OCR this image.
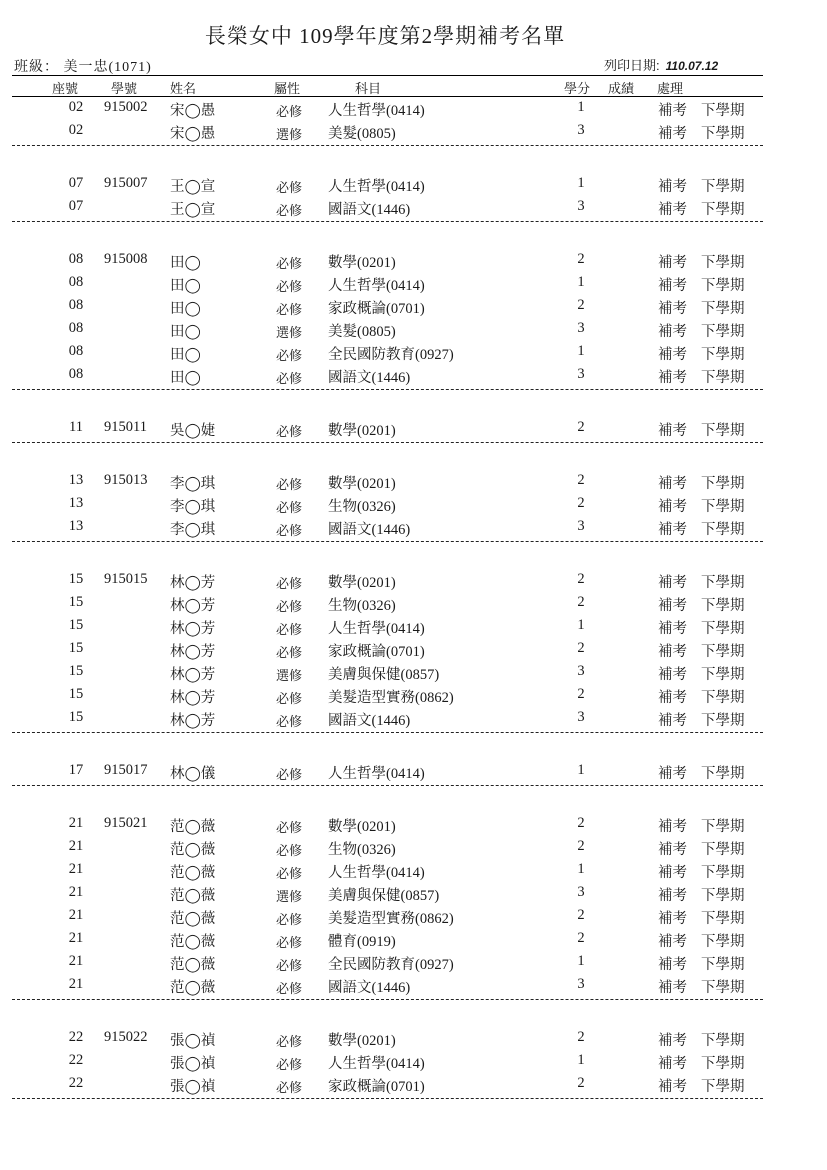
長榮女中 109學年度第2學期補考名單
班級： 美一忠(1071)	列印日期: 110.07.12
座號	學號	姓名	屬性	科目	學分 成績 處理
02	915002 宋◯愚	必修 人生哲學(0414)	1	補考 下學期
02	宋◯愚	選修 美髮(0805)	3	補考 下學期
07	915007 王◯宣	必修 人生哲學(0414)	1	補考 下學期
07	王◯宣	必修 國語文(1446)	3	補考 下學期
08	915008 田◯	必修 數學(0201)	2	補考 下學期
08	田◯	必修 人生哲學(0414)	1	補考 下學期
08	田◯	必修 家政概論(0701)	2	補考 下學期
08	田◯	選修 美髮(0805)	3	補考 下學期
08	田◯	必修 全民國防教育(0927)	1	補考 下學期
08	田◯	必修 國語文(1446)	3	補考 下學期
11	915011 吳◯婕	必修 數學(0201)	2	補考 下學期
13	915013 李◯琪	必修 數學(0201)	2	補考 下學期
13	李◯琪	必修 生物(0326)	2	補考 下學期
13	李◯琪	必修 國語文(1446)	3	補考 下學期
15	915015 林◯芳	必修 數學(0201)	2	補考 下學期
15	林◯芳	必修 生物(0326)	2	補考 下學期
15	林◯芳	必修 人生哲學(0414)	1	補考 下學期
15	林◯芳	必修 家政概論(0701)	2	補考 下學期
15	林◯芳	選修 美膚與保健(0857)	3	補考 下學期
15	林◯芳	必修 美髮造型實務(0862)	2	補考 下學期
15	林◯芳	必修 國語文(1446)	3	補考 下學期
17	915017 林◯儀	必修 人生哲學(0414)	1	補考 下學期
21	915021 范◯薇	必修 數學(0201)	2	補考 下學期
21	范◯薇	必修 生物(0326)	2	補考 下學期
21	范◯薇	必修 人生哲學(0414)	1	補考 下學期
21	范◯薇	選修 美膚與保健(0857)	3	補考 下學期
21	范◯薇	必修 美髮造型實務(0862)	2	補考 下學期
21	范◯薇	必修 體育(0919)	2	補考 下學期
21	范◯薇	必修 全民國防教育(0927)	1	補考 下學期
21	范◯薇	必修 國語文(1446)	3	補考 下學期
22	915022 張◯禎	必修 數學(0201)	2	補考 下學期
22	張◯禎	必修 人生哲學(0414)	1	補考 下學期
22	張◯禎	必修 家政概論(0701)	2	補考 下學期
